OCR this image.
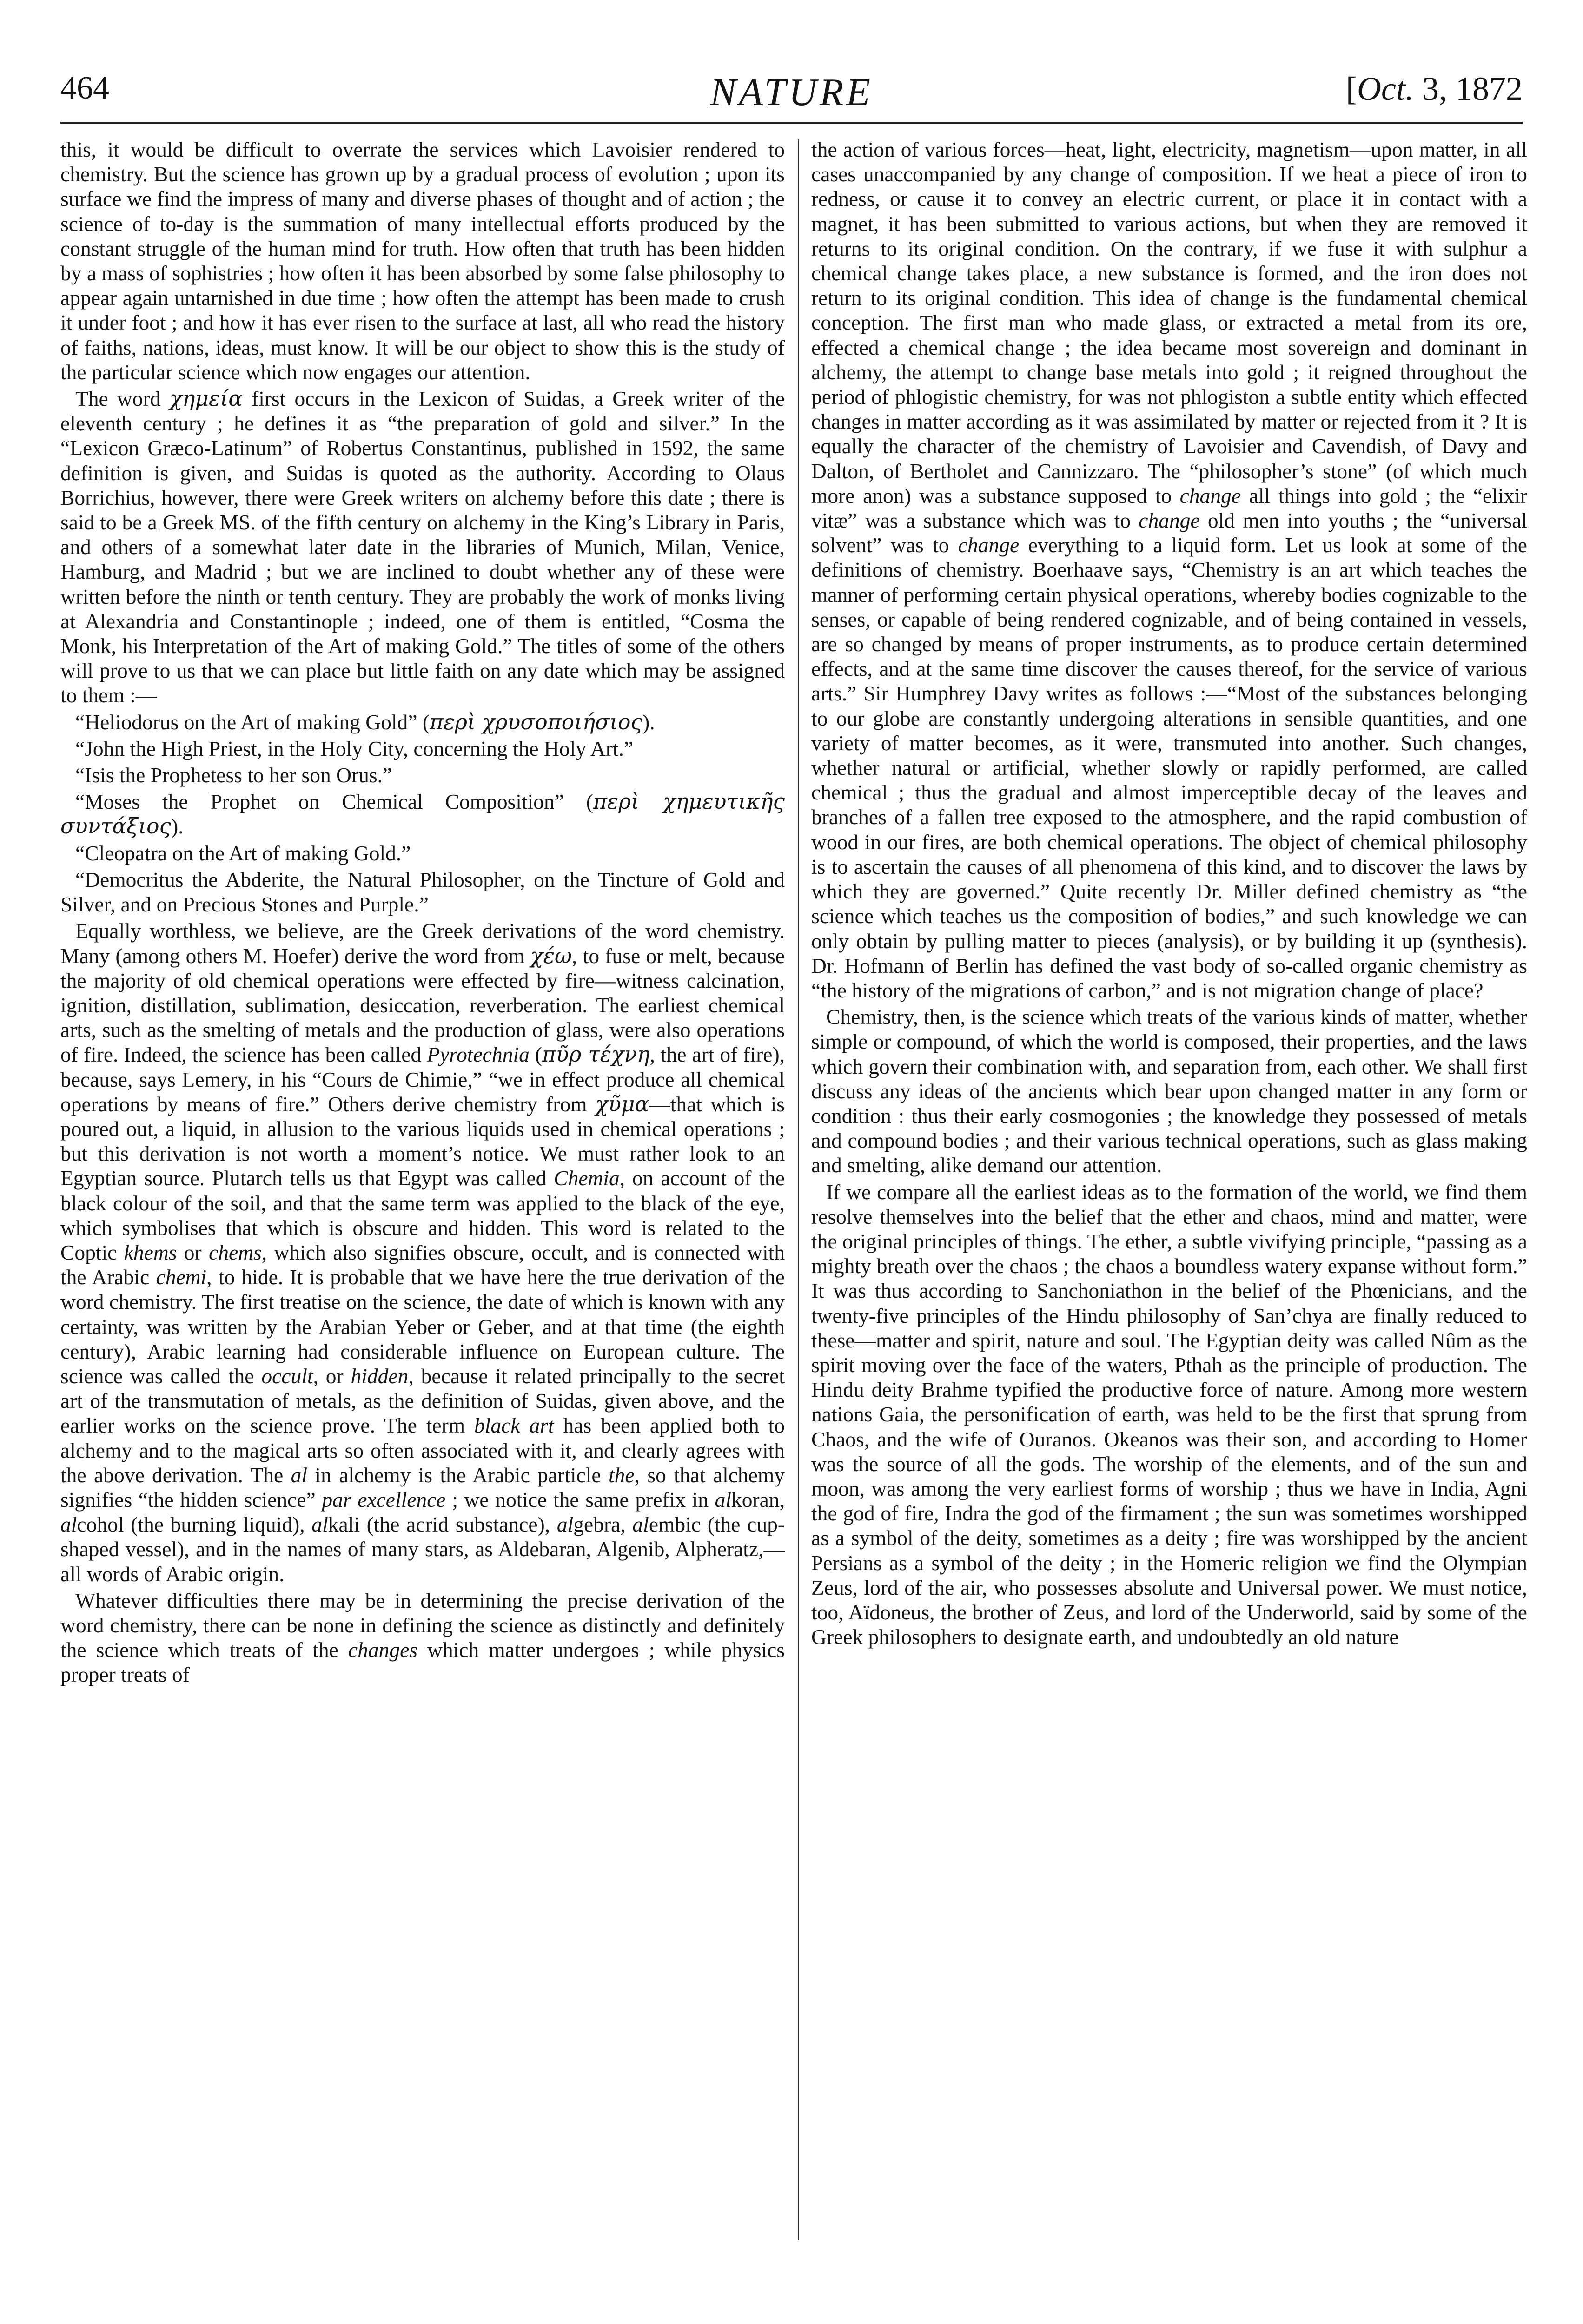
464	NATURE	[Oct. 3, 1872

this, it would be difficult to overrate the services which Lavoisier rendered to chemistry. But the science has grown up by a gradual process of evolution ; upon its surface we find the impress of many and diverse phases of thought and of action ; the science of to-day is the summation of many intellectual efforts produced by the constant struggle of the human mind for truth. How often that truth has been hidden by a mass of sophistries ; how often it has been absorbed by some false philosophy to appear again untarnished in due time ; how often the attempt has been made to crush it under foot ; and how it has ever risen to the surface at last, all who read the history of faiths, nations, ideas, must know. It will be our object to show this is the study of the particular science which now engages our attention.

The word χημεία first occurs in the Lexicon of Suidas, a Greek writer of the eleventh century ; he defines it as “the preparation of gold and silver.” In the “Lexicon Græco-Latinum” of Robertus Constantinus, published in 1592, the same definition is given, and Suidas is quoted as the authority. According to Olaus Borrichius, however, there were Greek writers on alchemy before this date ; there is said to be a Greek MS. of the fifth century on alchemy in the King’s Library in Paris, and others of a somewhat later date in the libraries of Munich, Milan, Venice, Hamburg, and Madrid ; but we are inclined to doubt whether any of these were written before the ninth or tenth century. They are probably the work of monks living at Alexandria and Constantinople ; indeed, one of them is entitled, “Cosma the Monk, his Interpretation of the Art of making Gold.” The titles of some of the others will prove to us that we can place but little faith on any date which may be assigned to them :—

“Heliodorus on the Art of making Gold” (περὶ χρυσοποιήσιος).

“John the High Priest, in the Holy City, concerning the Holy Art.”

“Isis the Prophetess to her son Orus.”

“Moses the Prophet on Chemical Composition” (περὶ χημευτικῆς συντάξιος).

“Cleopatra on the Art of making Gold.”

“Democritus the Abderite, the Natural Philosopher, on the Tincture of Gold and Silver, and on Precious Stones and Purple.”

Equally worthless, we believe, are the Greek derivations of the word chemistry. Many (among others M. Hoefer) derive the word from χέω, to fuse or melt, because the majority of old chemical operations were effected by fire—witness calcination, ignition, distillation, sublimation, desiccation, reverberation. The earliest chemical arts, such as the smelting of metals and the production of glass, were also operations of fire. Indeed, the science has been called Pyrotechnia (πῦρ τέχνη, the art of fire), because, says Lemery, in his “Cours de Chimie,” “we in effect produce all chemical operations by means of fire.” Others derive chemistry from χῦμα—that which is poured out, a liquid, in allusion to the various liquids used in chemical operations ; but this derivation is not worth a moment’s notice. We must rather look to an Egyptian source. Plutarch tells us that Egypt was called Chemia, on account of the black colour of the soil, and that the same term was applied to the black of the eye, which symbolises that which is obscure and hidden. This word is related to the Coptic khems or chems, which also signifies obscure, occult, and is connected with the Arabic chemi, to hide. It is probable that we have here the true derivation of the word chemistry. The first treatise on the science, the date of which is known with any certainty, was written by the Arabian Yeber or Geber, and at that time (the eighth century), Arabic learning had considerable influence on European culture. The science was called the occult, or hidden, because it related principally to the secret art of the transmutation of metals, as the definition of Suidas, given above, and the earlier works on the science prove. The term black art has been applied both to alchemy and to the magical arts so often associated with it, and clearly agrees with the above derivation. The al in alchemy is the Arabic particle the, so that alchemy signifies “the hidden science” par excellence ; we notice the same prefix in alkoran, alcohol (the burning liquid), alkali (the acrid substance), algebra, alembic (the cup-shaped vessel), and in the names of many stars, as Aldebaran, Algenib, Alpheratz,—all words of Arabic origin.

Whatever difficulties there may be in determining the precise derivation of the word chemistry, there can be none in defining the science as distinctly and definitely the science which treats of the changes which matter undergoes ; while physics proper treats of

the action of various forces—heat, light, electricity, magnetism—upon matter, in all cases unaccompanied by any change of composition. If we heat a piece of iron to redness, or cause it to convey an electric current, or place it in contact with a magnet, it has been submitted to various actions, but when they are removed it returns to its original condition. On the contrary, if we fuse it with sulphur a chemical change takes place, a new substance is formed, and the iron does not return to its original condition. This idea of change is the fundamental chemical conception. The first man who made glass, or extracted a metal from its ore, effected a chemical change ; the idea became most sovereign and dominant in alchemy, the attempt to change base metals into gold ; it reigned throughout the period of phlogistic chemistry, for was not phlogiston a subtle entity which effected changes in matter according as it was assimilated by matter or rejected from it ? It is equally the character of the chemistry of Lavoisier and Cavendish, of Davy and Dalton, of Bertholet and Cannizzaro. The “philosopher’s stone” (of which much more anon) was a substance supposed to change all things into gold ; the “elixir vitæ” was a substance which was to change old men into youths ; the “universal solvent” was to change everything to a liquid form. Let us look at some of the definitions of chemistry. Boerhaave says, “Chemistry is an art which teaches the manner of performing certain physical operations, whereby bodies cognizable to the senses, or capable of being rendered cognizable, and of being contained in vessels, are so changed by means of proper instruments, as to produce certain determined effects, and at the same time discover the causes thereof, for the service of various arts.” Sir Humphrey Davy writes as follows :—“Most of the substances belonging to our globe are constantly undergoing alterations in sensible quantities, and one variety of matter becomes, as it were, transmuted into another. Such changes, whether natural or artificial, whether slowly or rapidly performed, are called chemical ; thus the gradual and almost imperceptible decay of the leaves and branches of a fallen tree exposed to the atmosphere, and the rapid combustion of wood in our fires, are both chemical operations. The object of chemical philosophy is to ascertain the causes of all phenomena of this kind, and to discover the laws by which they are governed.” Quite recently Dr. Miller defined chemistry as “the science which teaches us the composition of bodies,” and such knowledge we can only obtain by pulling matter to pieces (analysis), or by building it up (synthesis). Dr. Hofmann of Berlin has defined the vast body of so-called organic chemistry as “the history of the migrations of carbon,” and is not migration change of place?

Chemistry, then, is the science which treats of the various kinds of matter, whether simple or compound, of which the world is composed, their properties, and the laws which govern their combination with, and separation from, each other. We shall first discuss any ideas of the ancients which bear upon changed matter in any form or condition : thus their early cosmogonies ; the knowledge they possessed of metals and compound bodies ; and their various technical operations, such as glass making and smelting, alike demand our attention.

If we compare all the earliest ideas as to the formation of the world, we find them resolve themselves into the belief that the ether and chaos, mind and matter, were the original principles of things. The ether, a subtle vivifying principle, “passing as a mighty breath over the chaos ; the chaos a boundless watery expanse without form.” It was thus according to Sanchoniathon in the belief of the Phœnicians, and the twenty-five principles of the Hindu philosophy of San’chya are finally reduced to these—matter and spirit, nature and soul. The Egyptian deity was called Nûm as the spirit moving over the face of the waters, Pthah as the principle of production. The Hindu deity Brahme typified the productive force of nature. Among more western nations Gaia, the personification of earth, was held to be the first that sprung from Chaos, and the wife of Ouranos. Okeanos was their son, and according to Homer was the source of all the gods. The worship of the elements, and of the sun and moon, was among the very earliest forms of worship ; thus we have in India, Agni the god of fire, Indra the god of the firmament ; the sun was sometimes worshipped as a symbol of the deity, sometimes as a deity ; fire was worshipped by the ancient Persians as a symbol of the deity ; in the Homeric religion we find the Olympian Zeus, lord of the air, who possesses absolute and Universal power. We must notice, too, Aïdoneus, the brother of Zeus, and lord of the Underworld, said by some of the Greek philosophers to designate earth, and undoubtedly an old nature
